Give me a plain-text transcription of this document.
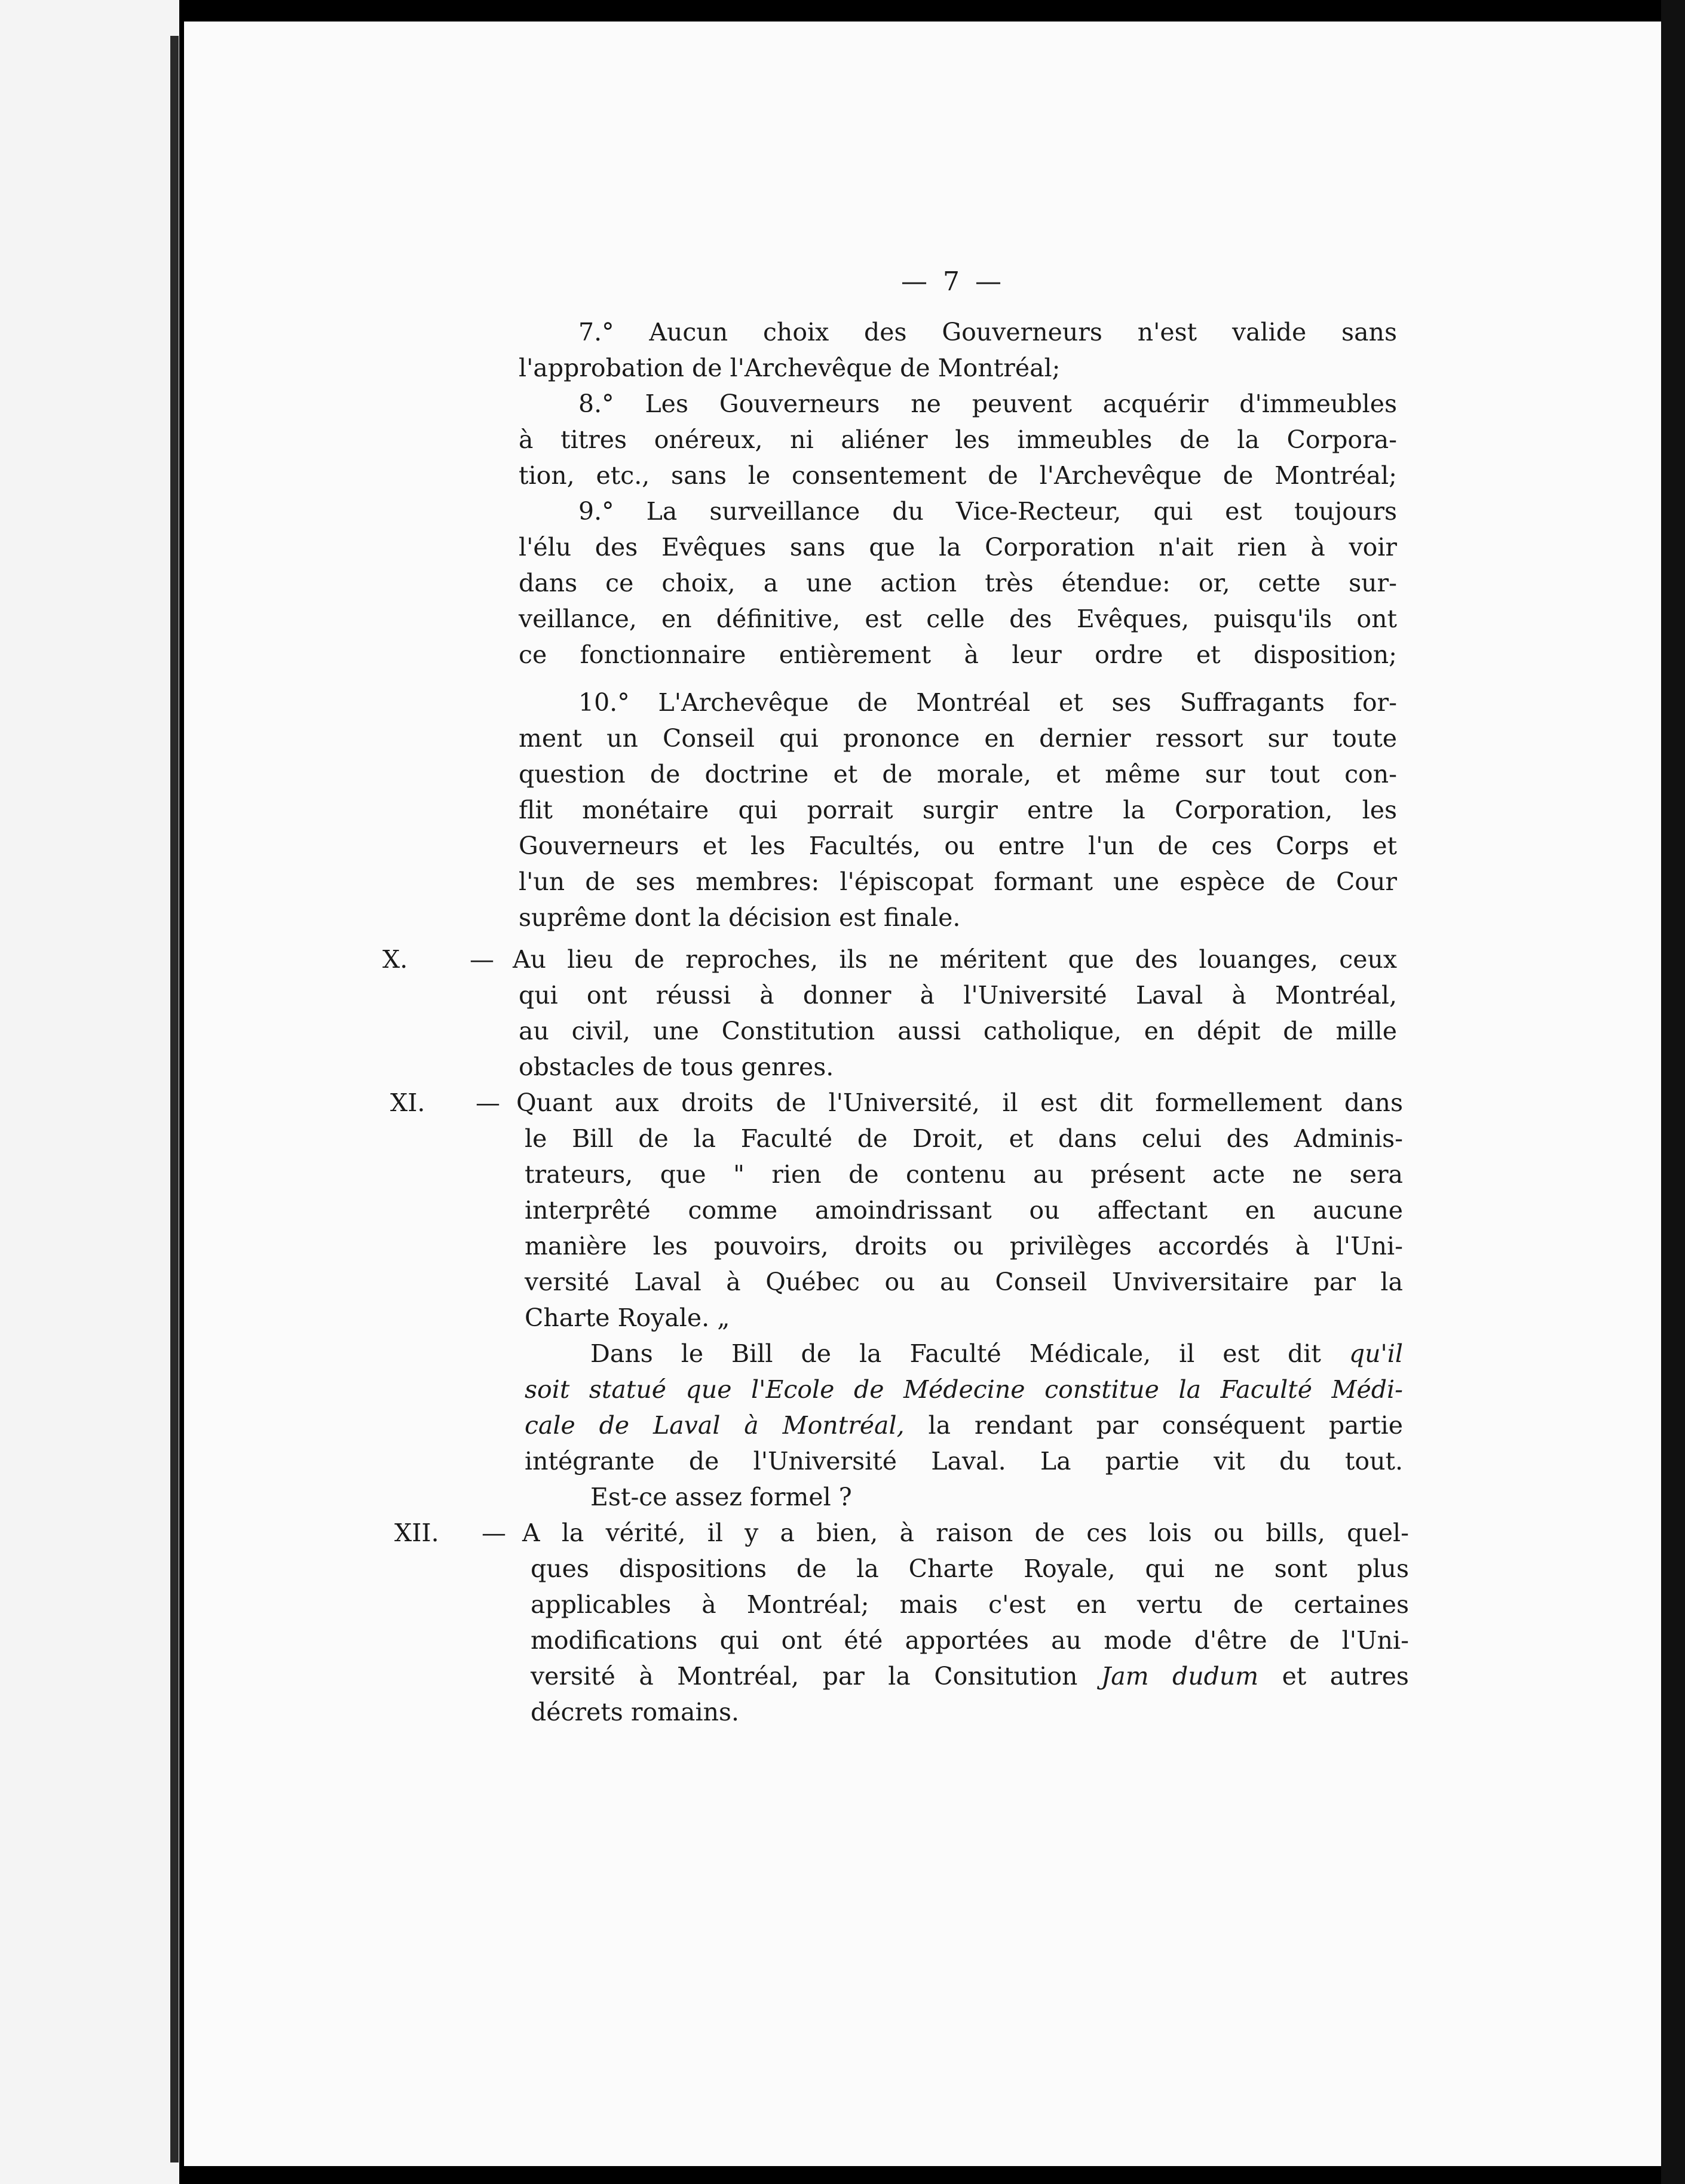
— 7 —
7.° Aucun choix des Gouverneurs n'est valide sans
l'approbation de l'Archevêque de Montréal;
8.° Les Gouverneurs ne peuvent acquérir d'immeubles
à titres onéreux, ni aliéner les immeubles de la Corpora-
tion, etc., sans le consentement de l'Archevêque de Montréal;
9.° La surveillance du Vice-Recteur, qui est toujours
l'élu des Evêques sans que la Corporation n'ait rien à voir
dans ce choix, a une action très étendue: or, cette sur-
veillance, en définitive, est celle des Evêques, puisqu'ils ont
ce fonctionnaire entièrement à leur ordre et disposition;
10.° L'Archevêque de Montréal et ses Suffragants for-
ment un Conseil qui prononce en dernier ressort sur toute
question de doctrine et de morale, et même sur tout con-
flit monétaire qui porrait surgir entre la Corporation, les
Gouverneurs et les Facultés, ou entre l'un de ces Corps et
l'un de ses membres: l'épiscopat formant une espèce de Cour
suprême dont la décision est finale.
X.	— Au lieu de reproches, ils ne méritent que des louanges, ceux
qui ont réussi à donner à l'Université Laval à Montréal,
au civil, une Constitution aussi catholique, en dépit de mille
obstacles de tous genres.
XI. — Quant aux droits de l'Université, il est dit formellement dans
le Bill de la Faculté de Droit, et dans celui des Adminis-
trateurs, que " rien de contenu au présent acte ne sera
interprêté comme amoindrissant ou affectant en aucune
manière les pouvoirs, droits ou privilèges accordés à l'Uni-
versité Laval à Québec ou au Conseil Unviversitaire par la
Charte Royale. „
Dans le Bill de la Faculté Médicale, il est dit qu'il
soit statué que l'Ecole de Médecine constitue la Faculté Médi-
cale de Laval à Montréal, la rendant par conséquent partie
intégrante de l'Université Laval. La partie vit du tout.
Est-ce assez formel ?
XII. — A la vérité, il y a bien, à raison de ces lois ou bills, quel-
ques dispositions de la Charte Royale, qui ne sont plus
applicables à Montréal; mais c'est en vertu de certaines
modifications qui ont été apportées au mode d'être de l'Uni-
versité à Montréal, par la Consitution Jam dudum et autres
décrets romains.
